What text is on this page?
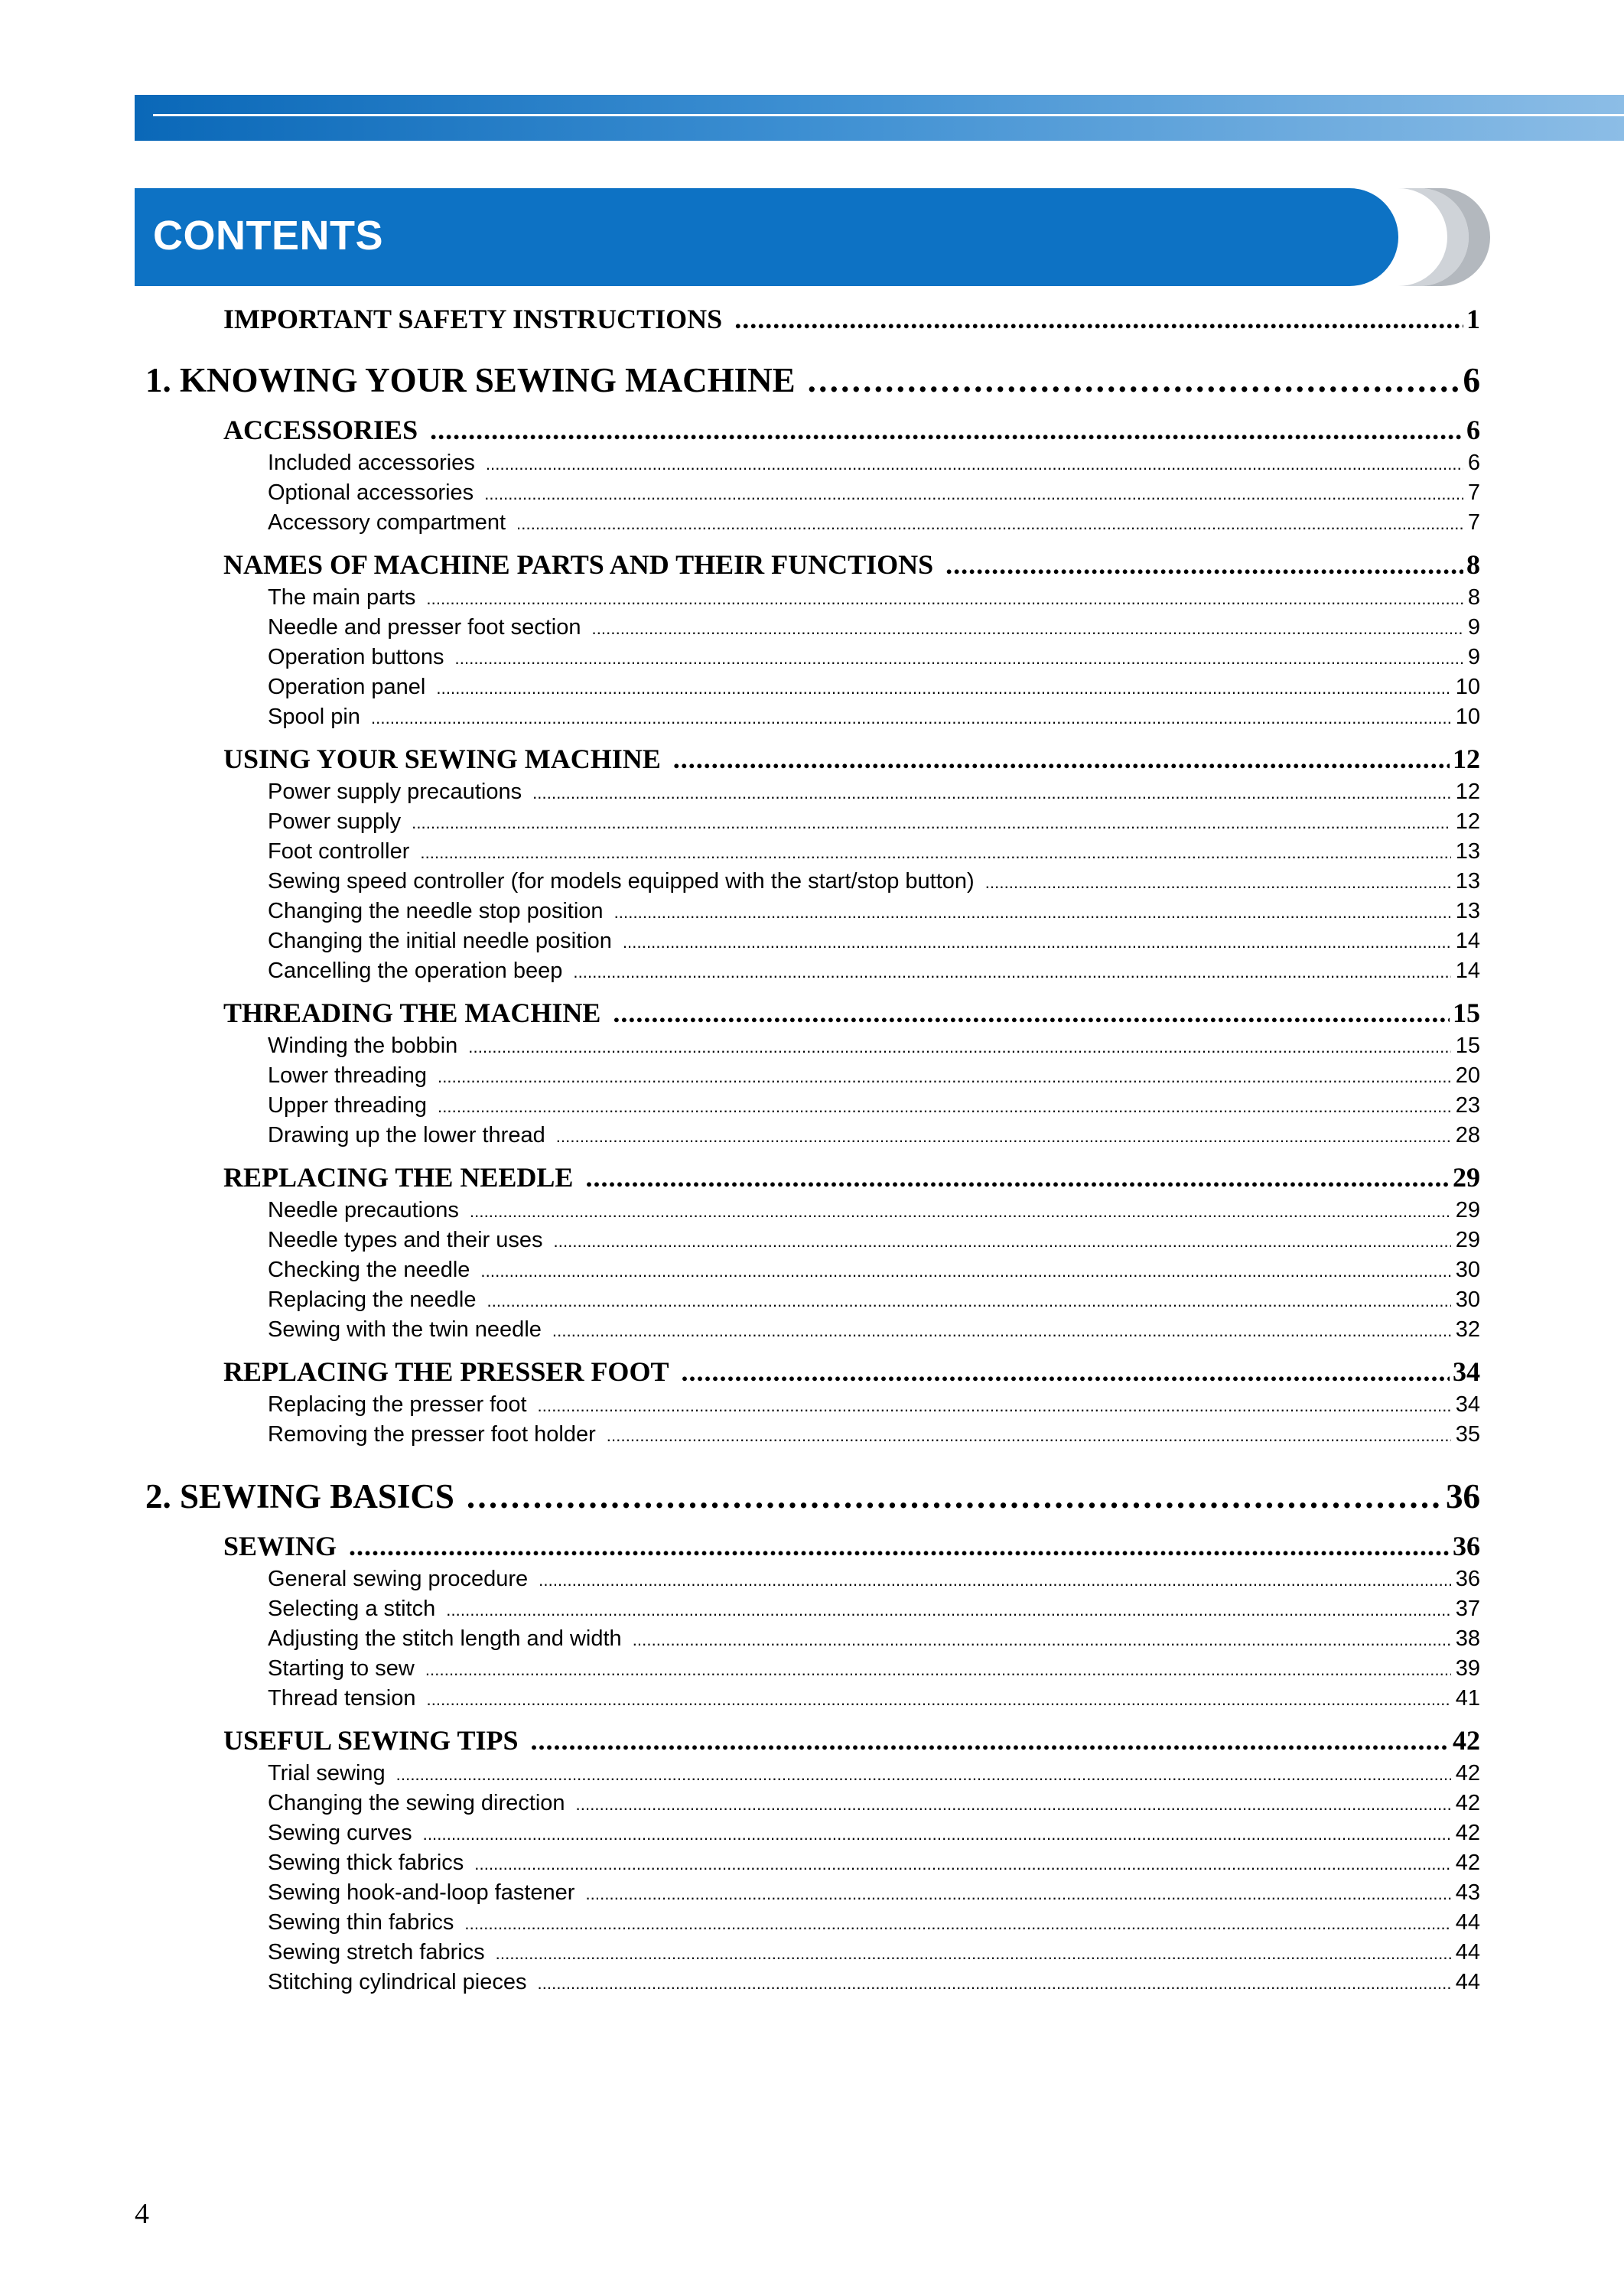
CONTENTS
IMPORTANT SAFETY INSTRUCTIONS . . .	1
1. KNOWING YOUR SEWING MACHINE . . .	6
ACCESSORIES . . .	6
Included accessories . . .	6
Optional accessories . . .	7
Accessory compartment . . .	7
NAMES OF MACHINE PARTS AND THEIR FUNCTIONS . . .	8
The main parts . . .	8
Needle and presser foot section . . .	9
Operation buttons . . .	9
Operation panel . . .	10
Spool pin . . .	10
USING YOUR SEWING MACHINE . . .	12
Power supply precautions . . .	12
Power supply . . .	12
Foot controller . . .	13
Sewing speed controller (for models equipped with the start/stop button) . . .	13
Changing the needle stop position . . .	13
Changing the initial needle position . . .	14
Cancelling the operation beep . . .	14
THREADING THE MACHINE . . .	15
Winding the bobbin . . .	15
Lower threading . . .	20
Upper threading . . .	23
Drawing up the lower thread . . .	28
REPLACING THE NEEDLE . . .	29
Needle precautions . . .	29
Needle types and their uses . . .	29
Checking the needle . . .	30
Replacing the needle . . .	30
Sewing with the twin needle . . .	32
REPLACING THE PRESSER FOOT . . .	34
Replacing the presser foot . . .	34
Removing the presser foot holder . . .	35
2. SEWING BASICS . . .	36
SEWING . . .	36
General sewing procedure . . .	36
Selecting a stitch . . .	37
Adjusting the stitch length and width . . .	38
Starting to sew . . .	39
Thread tension . . .	41
USEFUL SEWING TIPS . . .	42
Trial sewing . . .	42
Changing the sewing direction . . .	42
Sewing curves . . .	42
Sewing thick fabrics . . .	42
Sewing hook-and-loop fastener . . .	43
Sewing thin fabrics . . .	44
Sewing stretch fabrics . . .	44
Stitching cylindrical pieces . . .	44
4
